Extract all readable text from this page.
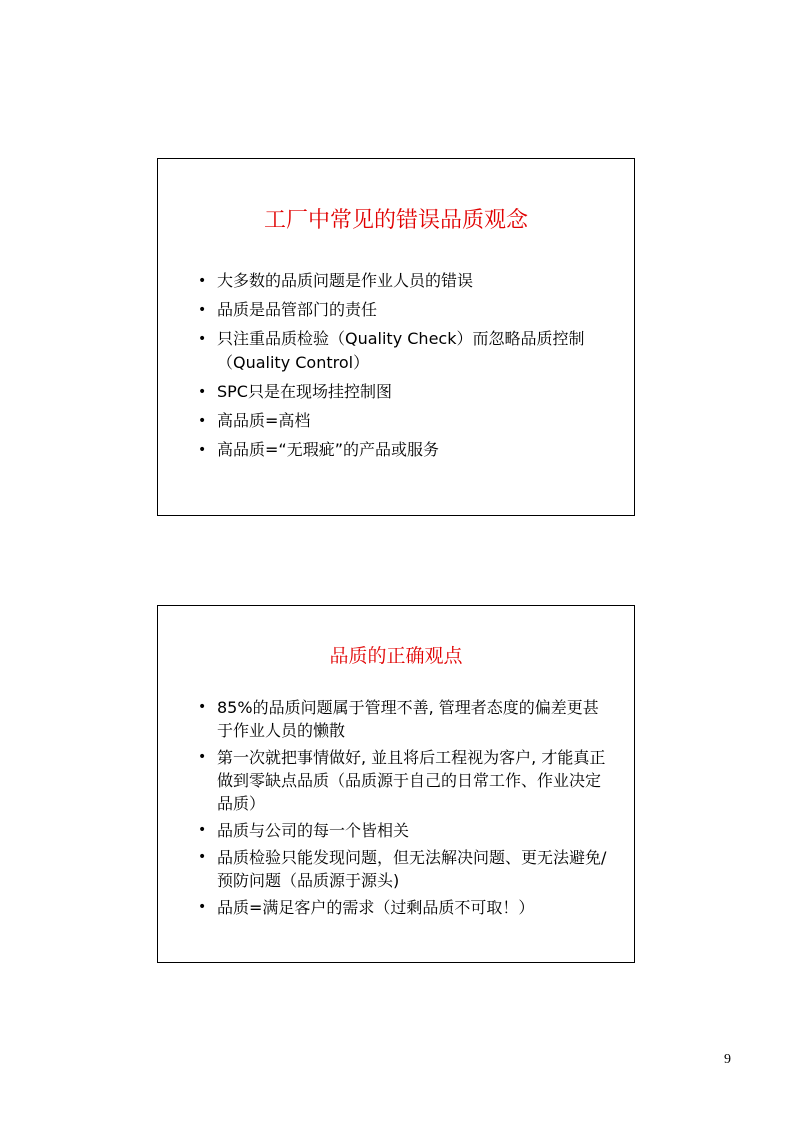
工厂中常见的错误品质观念
• 大多数的品质问题是作业人员的错误
• 品质是品管部门的责任
• 只注重品质检验（Quality Check）而忽略品质控制（Quality Control）
• SPC只是在现场挂控制图
• 高品质=高档
• 高品质=“无瑕疵”的产品或服务
品质的正确观点
• 85%的品质问题属于管理不善, 管理者态度的偏差更甚于作业人员的懒散
• 第一次就把事情做好, 並且将后工程视为客户, 才能真正做到零缺点品质（品质源于自己的日常工作、作业决定品质）
• 品质与公司的每一个皆相关
• 品质检验只能发现问题，但无法解决问题、更无法避免/预防问题（品质源于源头)
• 品质=满足客户的需求（过剩品质不可取！）
9
